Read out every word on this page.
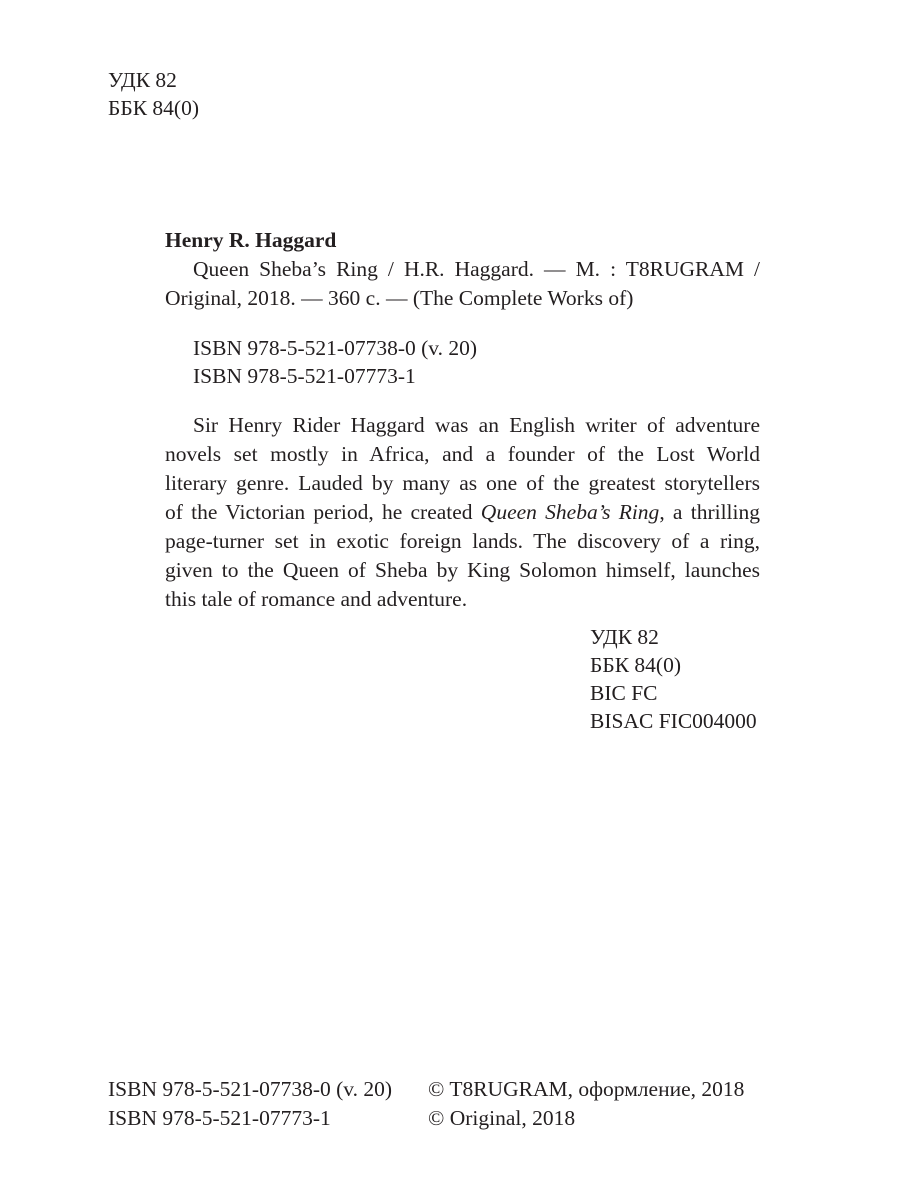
УДК 82
ББК 84(0)
Henry R. Haggard
Queen Sheba’s Ring / H.R. Haggard. — M. : T8RUGRAM /
Original, 2018. — 360 c. — (The Complete Works of)
ISBN 978-5-521-07738-0 (v. 20)
ISBN 978-5-521-07773-1
Sir Henry Rider Haggard was an English writer of adventure
novels set mostly in Africa, and a founder of the Lost World
literary genre. Lauded by many as one of the greatest storytellers
of the Victorian period, he created Queen Sheba’s Ring, a thrilling
page-turner set in exotic foreign lands. The discovery of a ring,
given to the Queen of Sheba by King Solomon himself, launches
this tale of romance and adventure.
УДК 82
ББК 84(0)
BIC FC
BISAC FIC004000
ISBN 978-5-521-07738-0 (v. 20)	© T8RUGRAM, оформление, 2018
ISBN 978-5-521-07773-1	© Original, 2018
